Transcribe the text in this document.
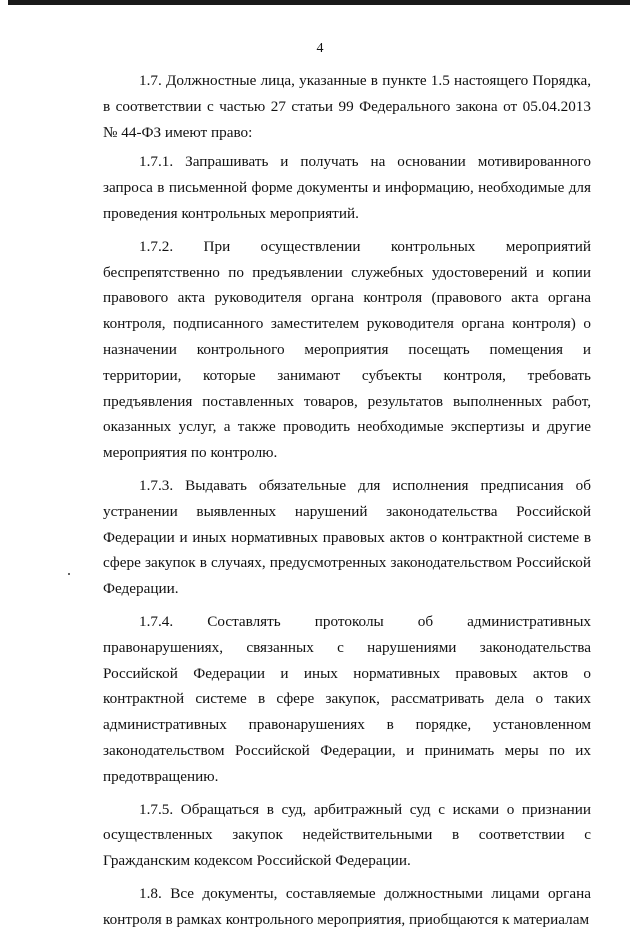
4

1.7. Должностные лица, указанные в пункте 1.5 настоящего Порядка, в соответствии с частью 27 статьи 99 Федерального закона от 05.04.2013 № 44-ФЗ имеют право:

1.7.1. Запрашивать и получать на основании мотивированного запроса в письменной форме документы и информацию, необходимые для проведения контрольных мероприятий.

1.7.2. При осуществлении контрольных мероприятий беспрепятственно по предъявлении служебных удостоверений и копии правового акта руководителя органа контроля (правового акта органа контроля, подписанного заместителем руководителя органа контроля) о назначении контрольного мероприятия посещать помещения и территории, которые занимают субъекты контроля, требовать предъявления поставленных товаров, результатов выполненных работ, оказанных услуг, а также проводить необходимые экспертизы и другие мероприятия по контролю.

1.7.3. Выдавать обязательные для исполнения предписания об устранении выявленных нарушений законодательства Российской Федерации и иных нормативных правовых актов о контрактной системе в сфере закупок в случаях, предусмотренных законодательством Российской Федерации.

1.7.4. Составлять протоколы об административных правонарушениях, связанных с нарушениями законодательства Российской Федерации и иных нормативных правовых актов о контрактной системе в сфере закупок, рассматривать дела о таких административных правонарушениях в порядке, установленном законодательством Российской Федерации, и принимать меры по их предотвращению.

1.7.5. Обращаться в суд, арбитражный суд с исками о признании осуществленных закупок недействительными в соответствии с Гражданским кодексом Российской Федерации.

1.8. Все документы, составляемые должностными лицами органа контроля в рамках контрольного мероприятия, приобщаются к материалам
